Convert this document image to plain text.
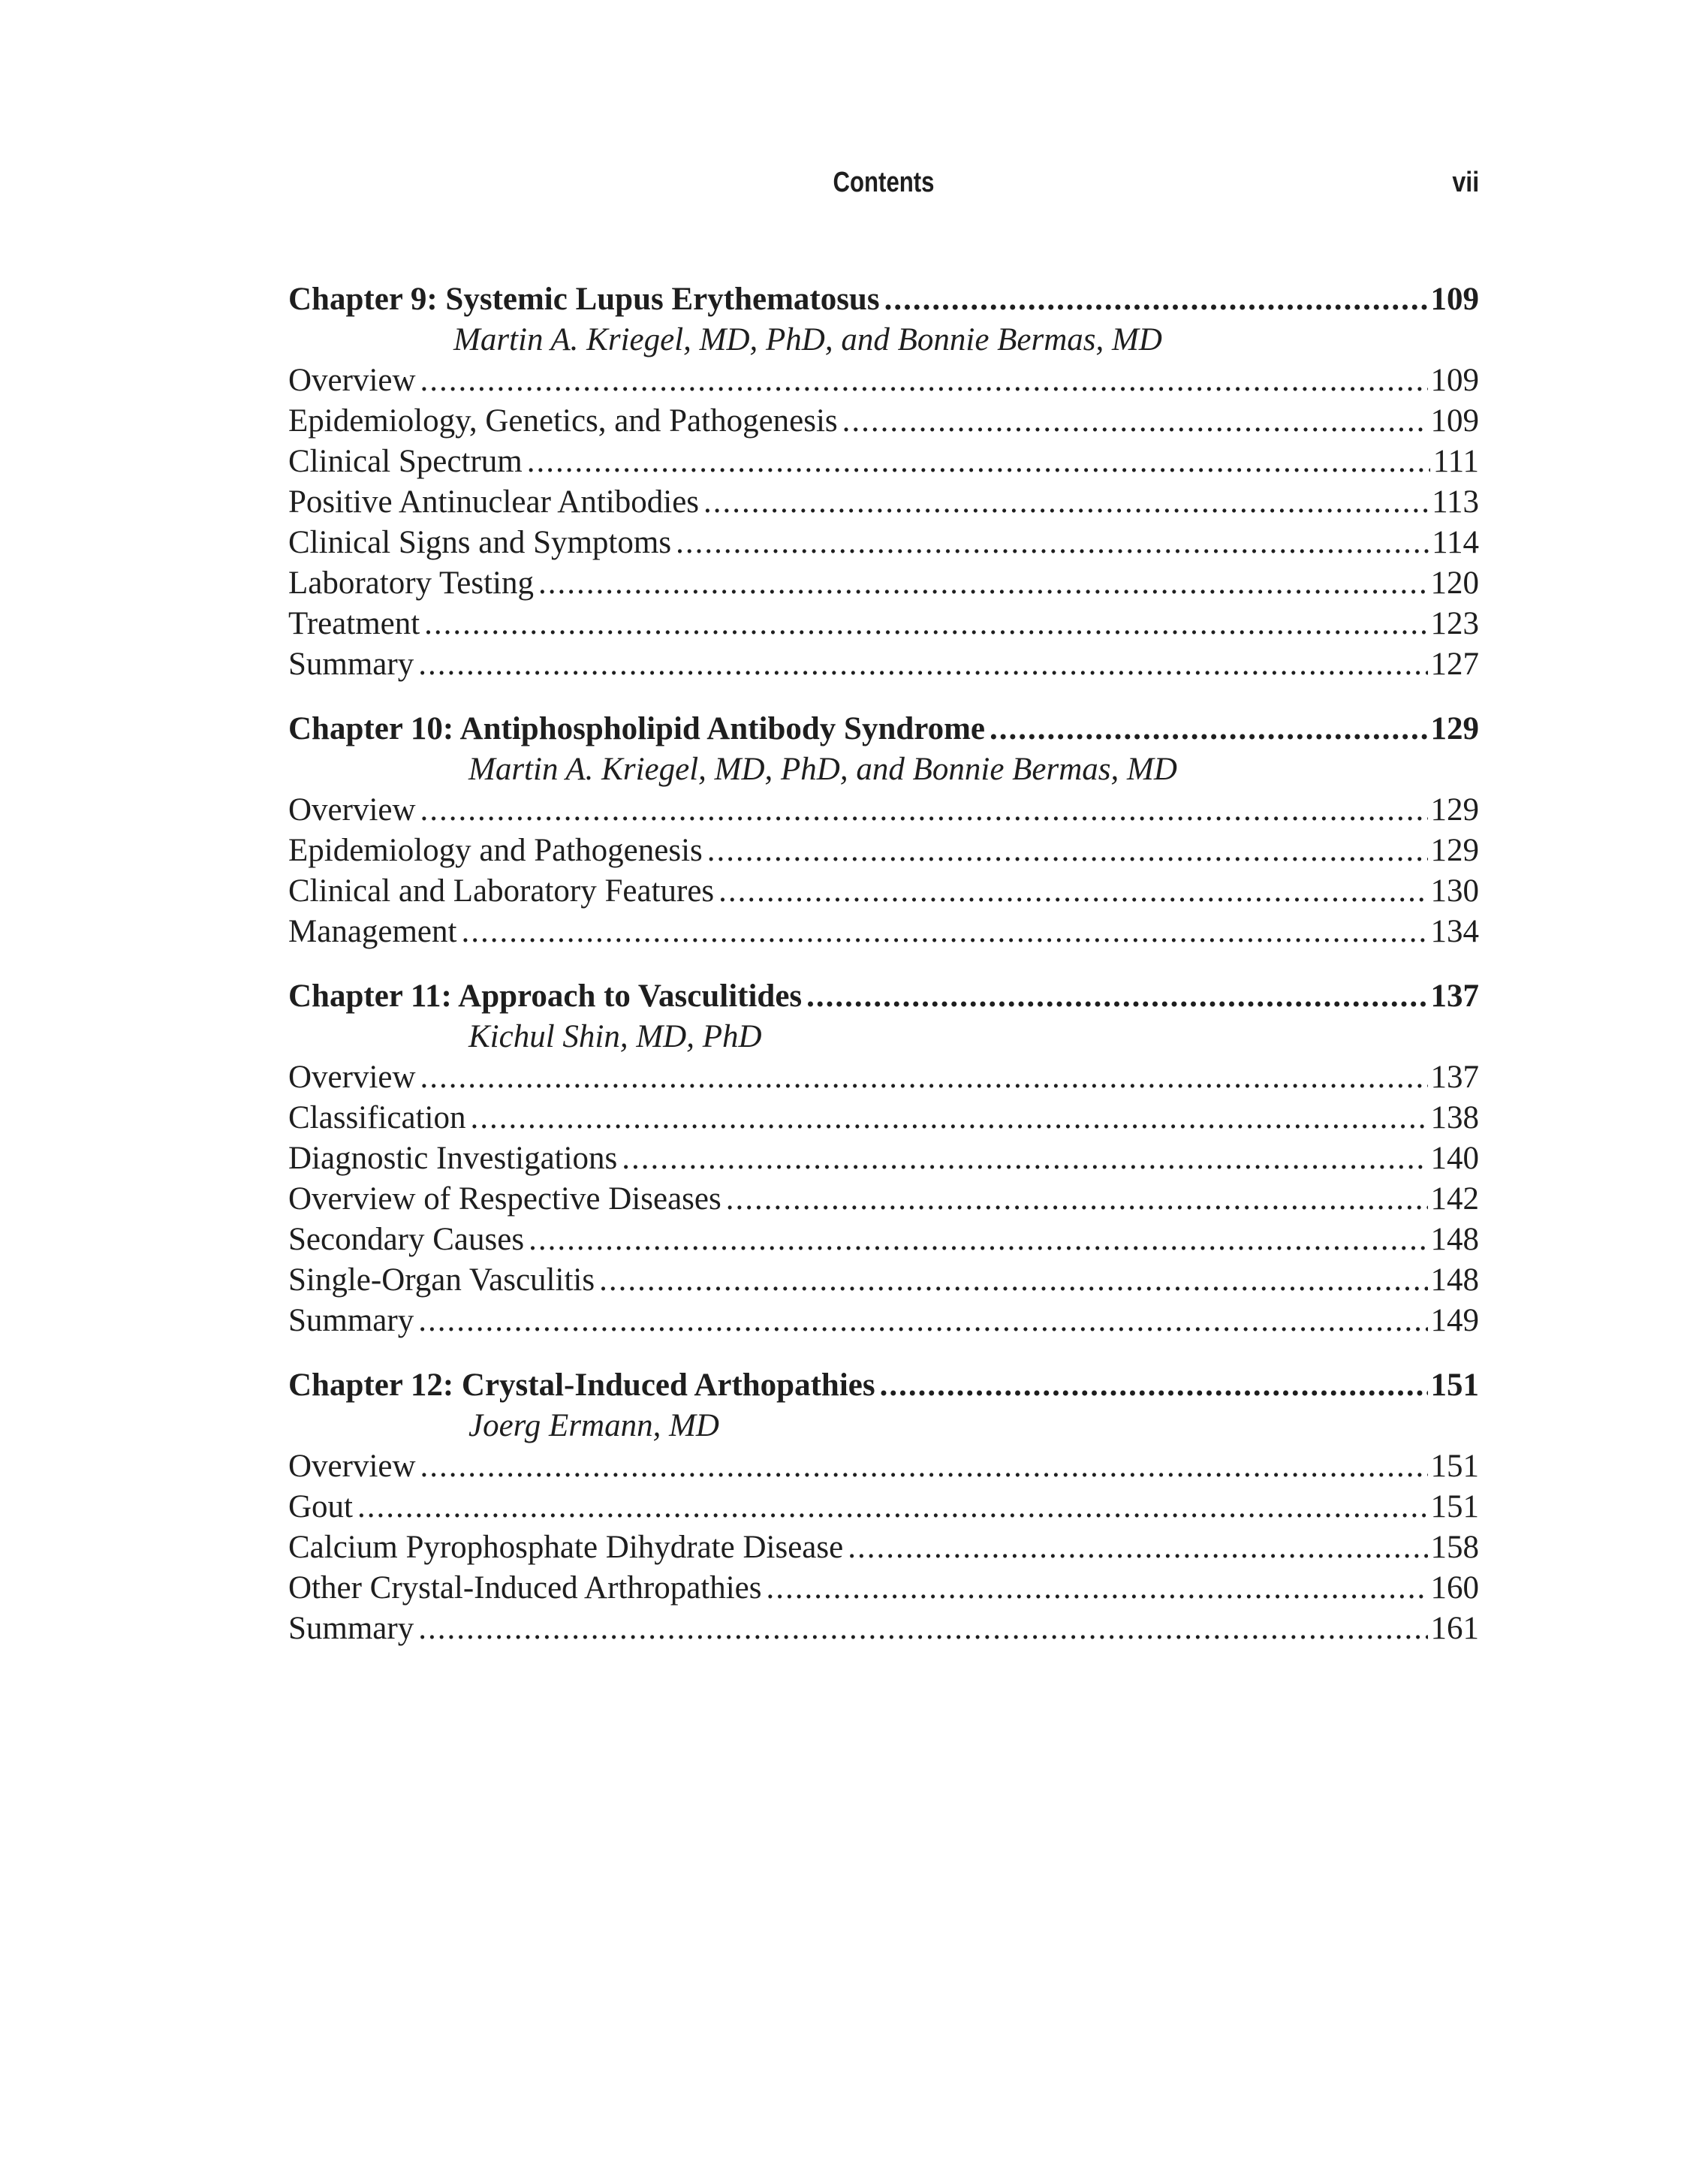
Contents	vii
Chapter 9: Systemic Lupus Erythematosus .....	109
Martin A. Kriegel, MD, PhD, and Bonnie Bermas, MD
Overview .....	109
Epidemiology, Genetics, and Pathogenesis .....	109
Clinical Spectrum .....	111
Positive Antinuclear Antibodies .....	113
Clinical Signs and Symptoms .....	114
Laboratory Testing .....	120
Treatment .....	123
Summary .....	127
Chapter 10: Antiphospholipid Antibody Syndrome .....	129
Martin A. Kriegel, MD, PhD, and Bonnie Bermas, MD
Overview .....	129
Epidemiology and Pathogenesis .....	129
Clinical and Laboratory Features .....	130
Management .....	134
Chapter 11: Approach to Vasculitides .....	137
Kichul Shin, MD, PhD
Overview .....	137
Classification .....	138
Diagnostic Investigations .....	140
Overview of Respective Diseases .....	142
Secondary Causes .....	148
Single-Organ Vasculitis .....	148
Summary .....	149
Chapter 12: Crystal-Induced Arthopathies .....	151
Joerg Ermann, MD
Overview .....	151
Gout .....	151
Calcium Pyrophosphate Dihydrate Disease .....	158
Other Crystal-Induced Arthropathies .....	160
Summary .....	161
